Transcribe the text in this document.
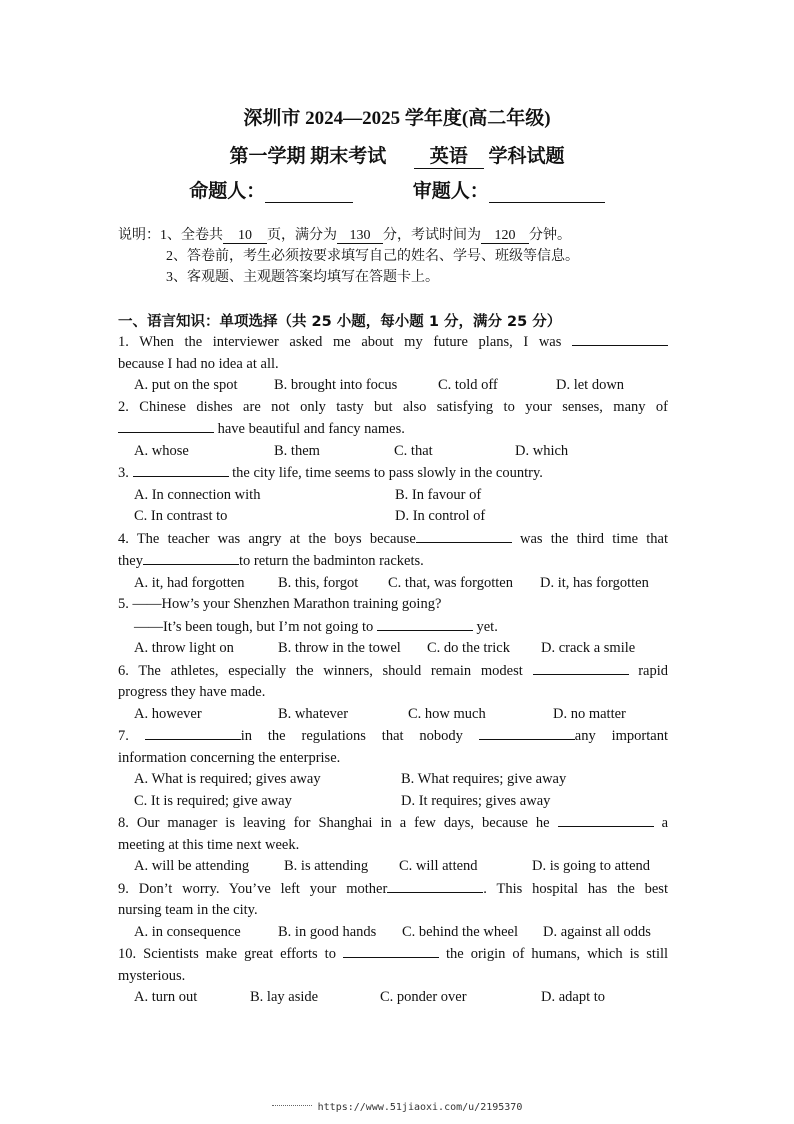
深圳市 2024—2025 学年度(高二年级)
第一学期 期末考试 英语 学科试题
命题人：	审题人：
说明：1、全卷共 10 页，满分为 130 分，考试时间为 120 分钟。
2、答卷前，考生必须按要求填写自己的姓名、学号、班级等信息。
3、客观题、主观题答案均填写在答题卡上。
一、语言知识：单项选择（共 25 小题，每小题 1 分，满分 25 分）
1. When the interviewer asked me about my future plans, I was
because I had no idea at all.
A. put on the spot	B. brought into focus	C. told off	D. let down
2. Chinese dishes are not only tasty but also satisfying to your senses, many of
have beautiful and fancy names.
A. whose	B. them	C. that	D. which
3.	the city life, time seems to pass slowly in the country.
A. In connection with	B. In favour of
C. In contrast to	D. In control of
4. The teacher was angry at the boys because	was the third time that
they	to return the badminton rackets.
A. it, had forgotten B. this, forgot C. that, was forgotten D. it, has forgotten
5. ——How’s your Shenzhen Marathon training going?
——It’s been tough, but I’m not going to	yet.
A. throw light on	B. throw in the towel C. do the trick D. crack a smile
6. The athletes, especially the winners, should remain modest	rapid
progress they have made.
A. however	B. whatever	C. how much	D. no matter
7.	in the regulations that nobody	any important
information concerning the enterprise.
A. What is required; gives away	B. What requires; give away
C. It is required; give away	D. It requires; gives away
8. Our manager is leaving for Shanghai in a few days, because he	a
meeting at this time next week.
A. will be attending B. is attending C. will attend	D. is going to attend
9. Don’t worry. You’ve left your mother	. This hospital has the best
nursing team in the city.
A. in consequence	B. in good hands C. behind the wheel D. against all odds
10. Scientists make great efforts to	the origin of humans, which is still
mysterious.
A. turn out	B. lay aside	C. ponder over	D. adapt to
https://www.51jiaoxi.com/u/2195370
